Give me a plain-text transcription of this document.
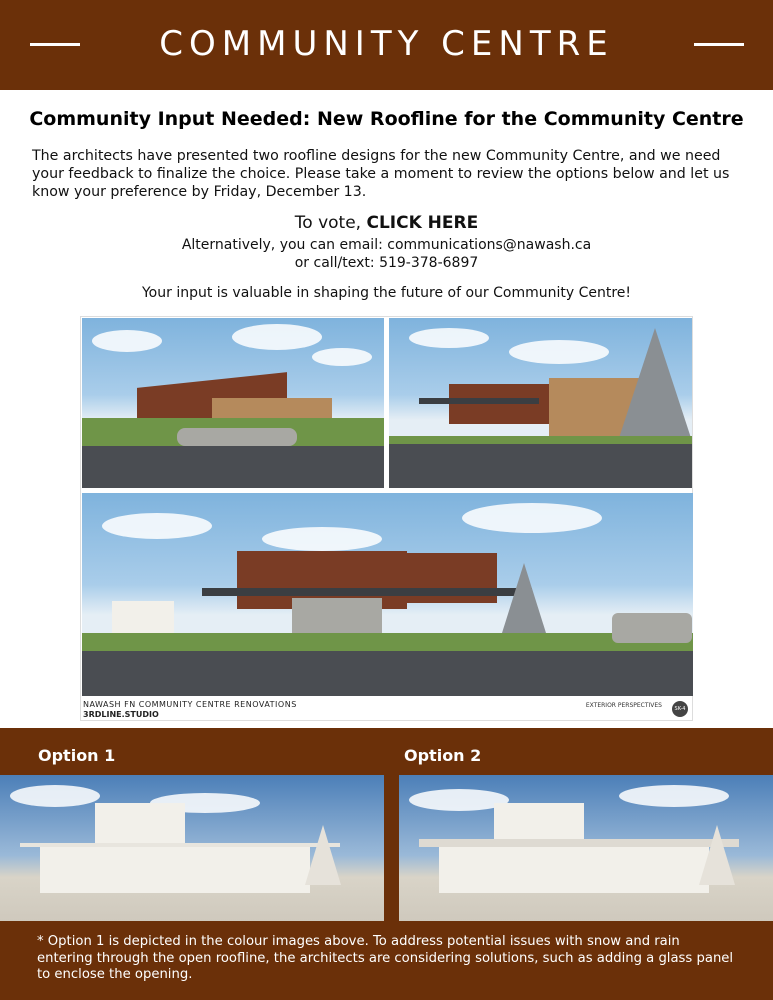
COMMUNITY CENTRE
Community Input Needed: New Roofline for the Community Centre
The architects have presented two roofline designs for the new Community Centre, and we need your feedback to finalize the choice. Please take a moment to review the options below and let us know your preference by Friday, December 13.
To vote, CLICK HERE
Alternatively, you can email: communications@nawash.ca
or call/text: 519-378-6897
Your input is valuable in shaping the future of our Community Centre!
NAWASH FN COMMUNITY CENTRE RENOVATIONS
3RDLINE.STUDIO
EXTERIOR PERSPECTIVES	SK-4
Option 1	Option 2
* Option 1 is depicted in the colour images above. To address potential issues with snow and rain entering through the open roofline, the architects are considering solutions, such as adding a glass panel to enclose the opening.
